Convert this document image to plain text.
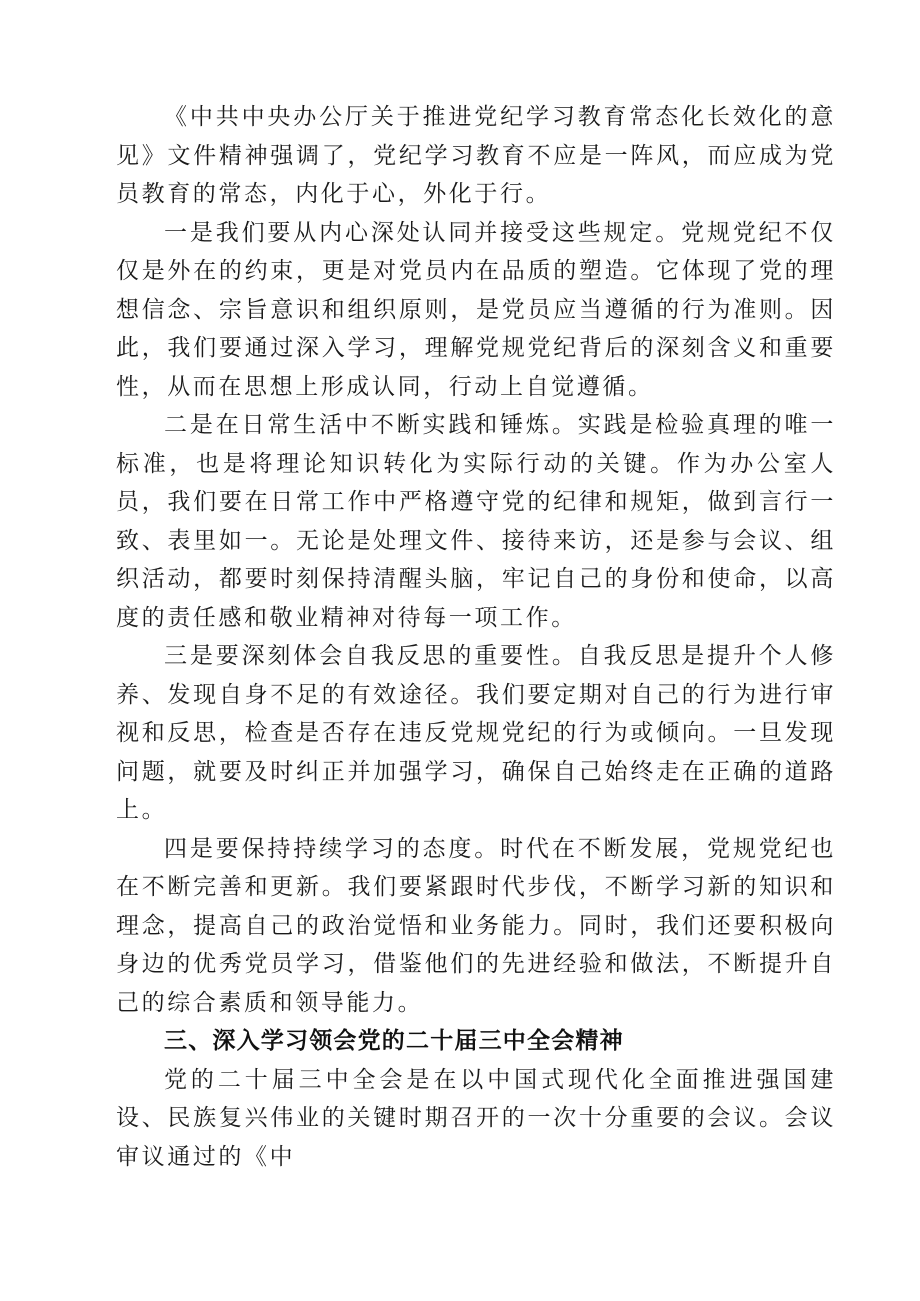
《中共中央办公厅关于推进党纪学习教育常态化长效化的意见》文件精神强调了，党纪学习教育不应是一阵风，而应成为党员教育的常态，内化于心，外化于行。

一是我们要从内心深处认同并接受这些规定。党规党纪不仅仅是外在的约束，更是对党员内在品质的塑造。它体现了党的理想信念、宗旨意识和组织原则，是党员应当遵循的行为准则。因此，我们要通过深入学习，理解党规党纪背后的深刻含义和重要性，从而在思想上形成认同，行动上自觉遵循。

二是在日常生活中不断实践和锤炼。实践是检验真理的唯一标准，也是将理论知识转化为实际行动的关键。作为办公室人员，我们要在日常工作中严格遵守党的纪律和规矩，做到言行一致、表里如一。无论是处理文件、接待来访，还是参与会议、组织活动，都要时刻保持清醒头脑，牢记自己的身份和使命，以高度的责任感和敬业精神对待每一项工作。

三是要深刻体会自我反思的重要性。自我反思是提升个人修养、发现自身不足的有效途径。我们要定期对自己的行为进行审视和反思，检查是否存在违反党规党纪的行为或倾向。一旦发现问题，就要及时纠正并加强学习，确保自己始终走在正确的道路上。

四是要保持持续学习的态度。时代在不断发展，党规党纪也在不断完善和更新。我们要紧跟时代步伐，不断学习新的知识和理念，提高自己的政治觉悟和业务能力。同时，我们还要积极向身边的优秀党员学习，借鉴他们的先进经验和做法，不断提升自己的综合素质和领导能力。

三、深入学习领会党的二十届三中全会精神

党的二十届三中全会是在以中国式现代化全面推进强国建设、民族复兴伟业的关键时期召开的一次十分重要的会议。会议审议通过的《中
